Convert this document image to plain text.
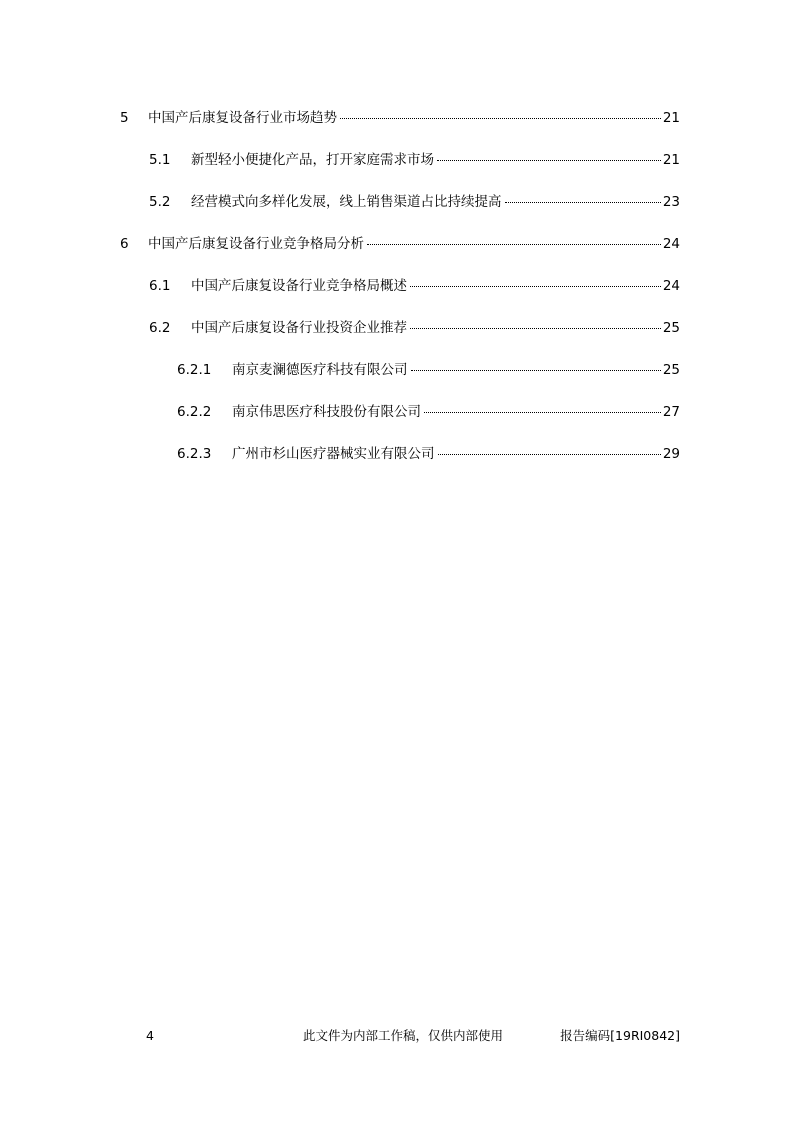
5	中国产后康复设备行业市场趋势	21
5.1	新型轻小便捷化产品，打开家庭需求市场	21
5.2	经营模式向多样化发展，线上销售渠道占比持续提高	23
6	中国产后康复设备行业竞争格局分析	24
6.1	中国产后康复设备行业竞争格局概述	24
6.2	中国产后康复设备行业投资企业推荐	25
6.2.1	南京麦澜德医疗科技有限公司	25
6.2.2	南京伟思医疗科技股份有限公司	27
6.2.3	广州市杉山医疗器械实业有限公司	29
4	此文件为内部工作稿，仅供内部使用	报告编码[19RI0842]
